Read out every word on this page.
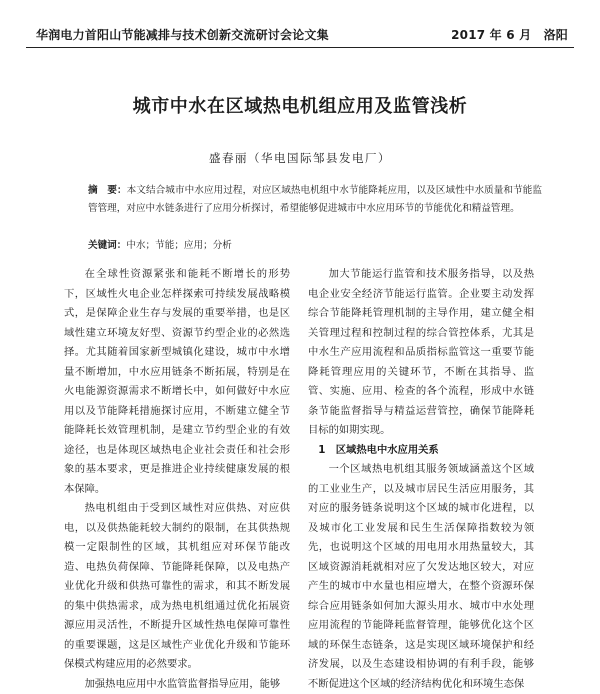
华润电力首阳山节能减排与技术创新交流研讨会论文集	2017 年 6 月　洛阳
城市中水在区域热电机组应用及监管浅析
盛春丽（华电国际邹县发电厂）
摘　要：本文结合城市中水应用过程，对应区域热电机组中水节能降耗应用，以及区域性中水质量和节能监管管理，对应中水链条进行了应用分析探讨，希望能够促进城市中水应用环节的节能优化和精益管理。
关键词：中水；节能；应用；分析

在全球性资源紧张和能耗不断增长的形势下，区域性火电企业怎样探索可持续发展战略模式，是保障企业生存与发展的重要举措，也是区域性建立环境友好型、资源节约型企业的必然选择。尤其随着国家新型城镇化建设，城市中水增量不断增加，中水应用链条不断拓展，特别是在火电能源资源需求不断增长中，如何做好中水应用以及节能降耗措施探讨应用，不断建立健全节能降耗长效管理机制，是建立节约型企业的有效途径，也是体现区域热电企业社会责任和社会形象的基本要求，更是推进企业持续健康发展的根本保障。

热电机组由于受到区域性对应供热、对应供电，以及供热能耗较大制约的限制，在其供热规模一定限制性的区域，其机组应对环保节能改造、电热负荷保障、节能降耗保障，以及电热产业优化升级和供热可靠性的需求，和其不断发展的集中供热需求，成为热电机组通过优化拓展资源应用灵活性，不断提升区域性热电保障可靠性的重要课题，这是区域性产业优化升级和节能环保模式构建应用的必然要求。

加强热电应用中水监管监督指导应用，能够

加大节能运行监管和技术服务指导，以及热电企业安全经济节能运行监管。企业要主动发挥综合节能降耗管理机制的主导作用，建立健全相关管理过程和控制过程的综合管控体系，尤其是中水生产应用流程和品质指标监管这一重要节能降耗管理应用的关键环节，不断在其指导、监管、实施、应用、检查的各个流程，形成中水链条节能监督指导与精益运营管控，确保节能降耗目标的如期实现。

1　区域热电中水应用关系

一个区域热电机组其服务领域涵盖这个区域的工业业生产，以及城市居民生活应用服务，其对应的服务链条说明这个区域的城市化进程，以及城市化工业发展和民生生活保障指数较为领先，也说明这个区域的用电用水用热量较大，其区域资源消耗就相对应了欠发达地区较大，对应产生的城市中水量也相应增大，在整个资源环保综合应用链条如何加大源头用水、城市中水处理应用流程的节能降耗监督管理，能够优化这个区域的环保生态链条，这是实现区域环境保护和经济发展，以及生态建设相协调的有利手段，能够不断促进这个区域的经济结构优化和环境生态保
